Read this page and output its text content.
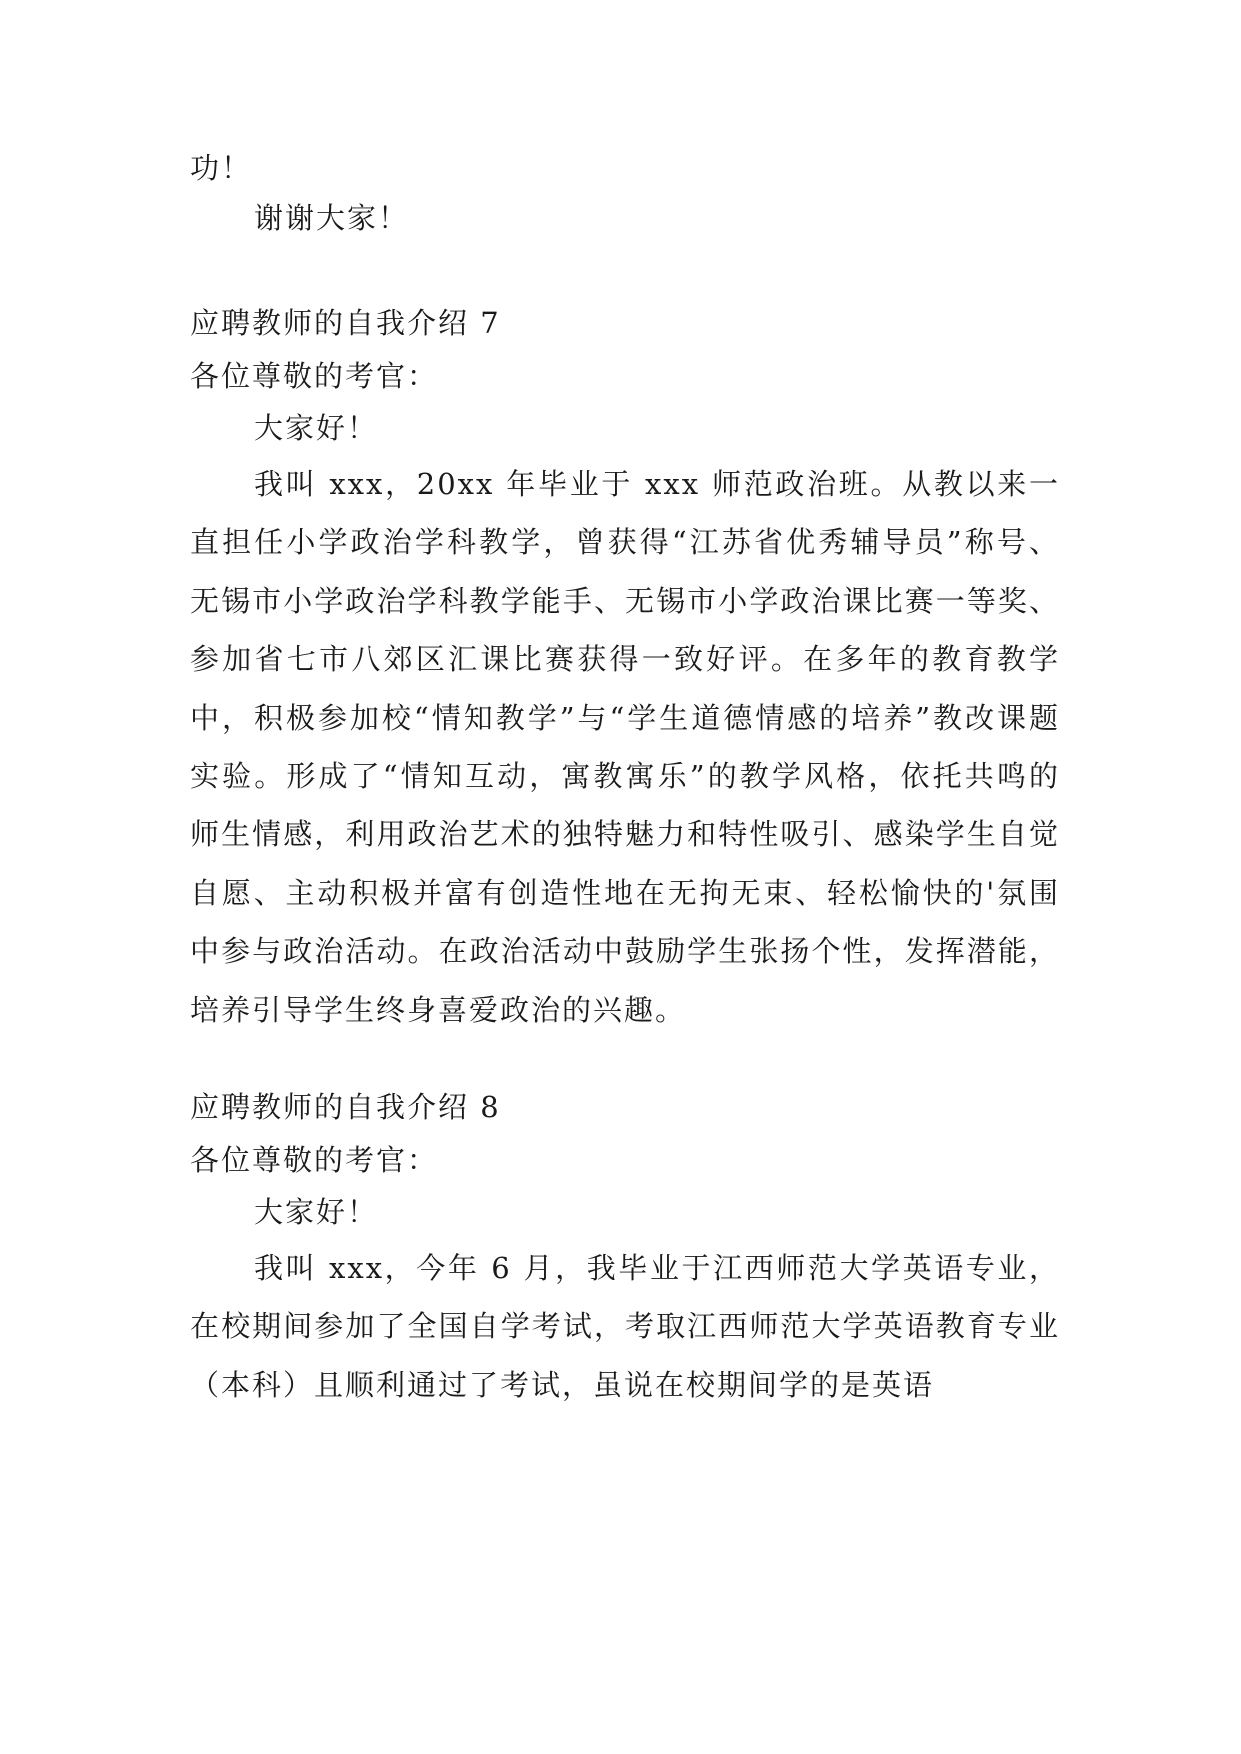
功！
谢谢大家！
应聘教师的自我介绍 7
各位尊敬的考官：
大家好！
我叫 xxx，20xx 年毕业于 xxx 师范政治班。从教以来一直担任小学政治学科教学，曾获得“江苏省优秀辅导员”称号、无锡市小学政治学科教学能手、无锡市小学政治课比赛一等奖、参加省七市八郊区汇课比赛获得一致好评。在多年的教育教学中，积极参加校“情知教学”与“学生道德情感的培养”教改课题实验。形成了“情知互动，寓教寓乐”的教学风格，依托共鸣的师生情感，利用政治艺术的独特魅力和特性吸引、感染学生自觉自愿、主动积极并富有创造性地在无拘无束、轻松愉快的'氛围中参与政治活动。在政治活动中鼓励学生张扬个性，发挥潜能，培养引导学生终身喜爱政治的兴趣。
应聘教师的自我介绍 8
各位尊敬的考官：
大家好！
我叫 xxx，今年 6 月，我毕业于江西师范大学英语专业，在校期间参加了全国自学考试，考取江西师范大学英语教育专业（本科）且顺利通过了考试，虽说在校期间学的是英语
